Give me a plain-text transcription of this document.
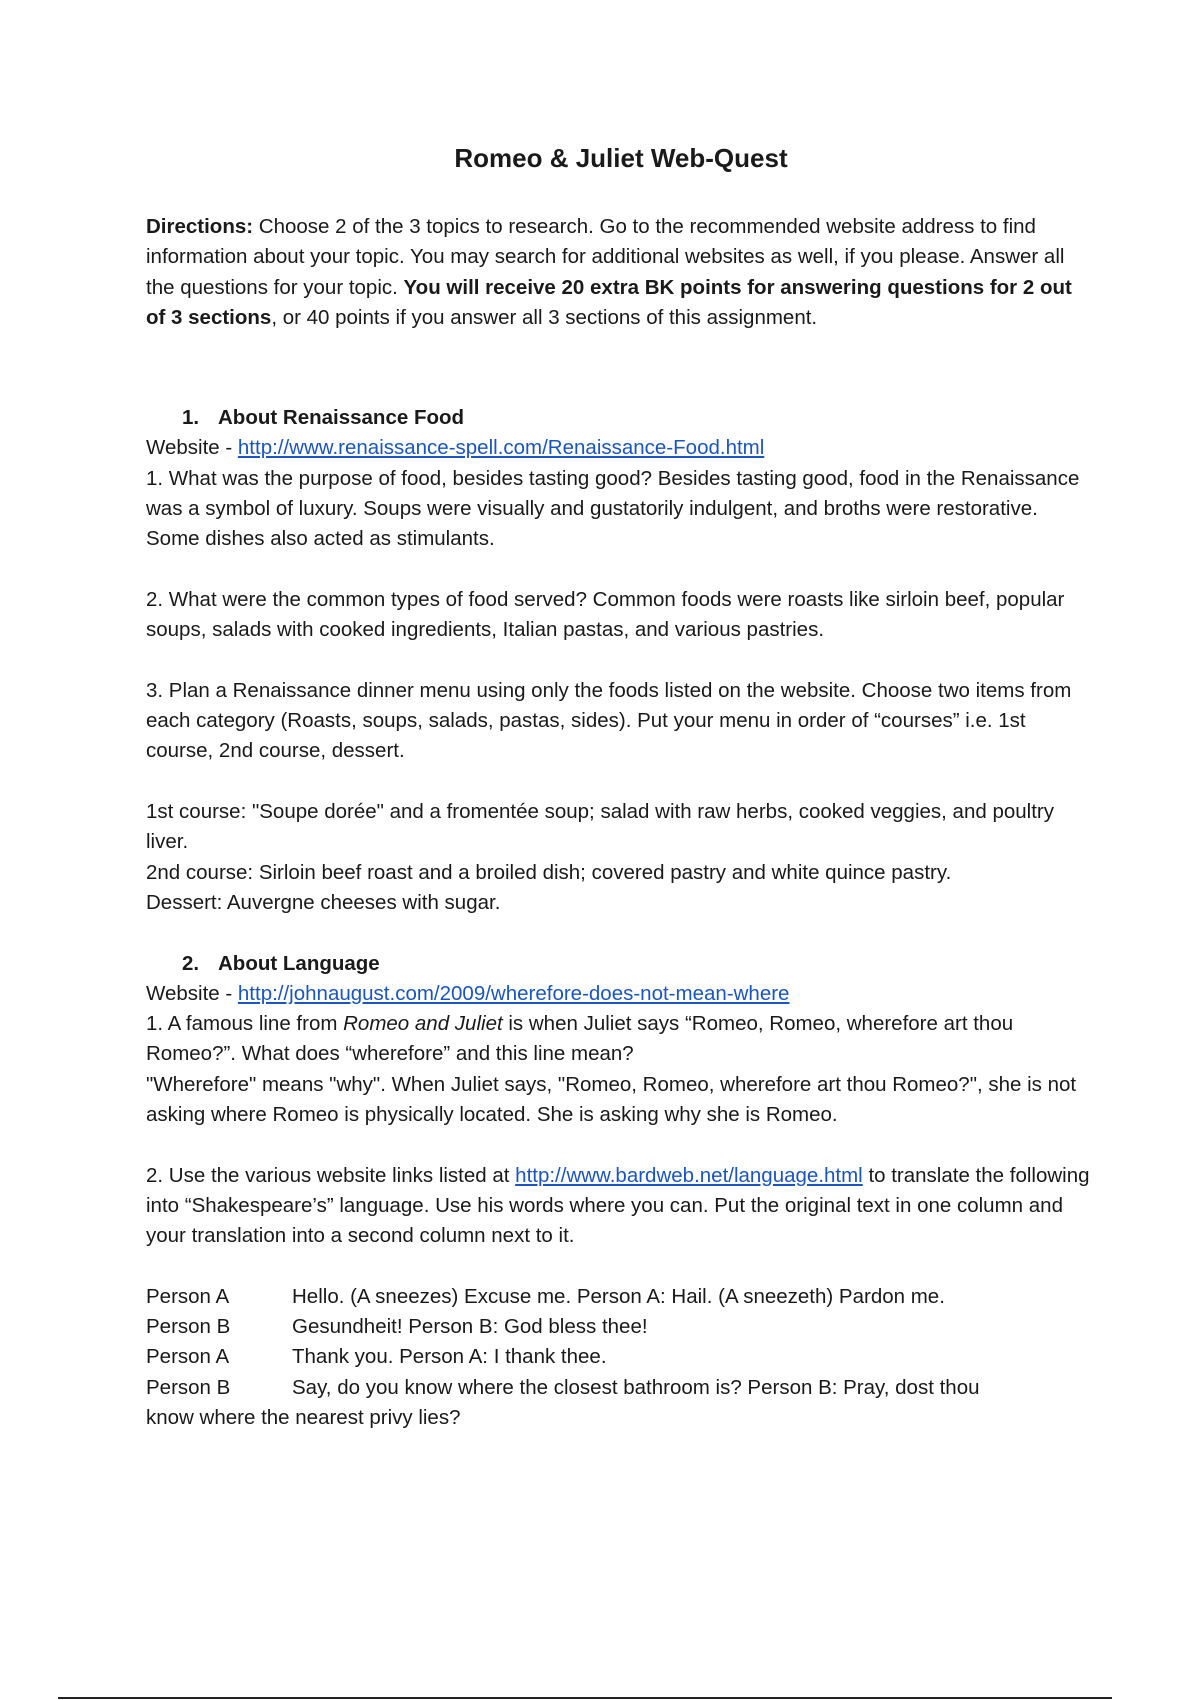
Romeo & Juliet Web-Quest

Directions: Choose 2 of the 3 topics to research. Go to the recommended website address to find information about your topic. You may search for additional websites as well, if you please. Answer all the questions for your topic. You will receive 20 extra BK points for answering questions for 2 out of 3 sections, or 40 points if you answer all 3 sections of this assignment.

1. About Renaissance Food

Website - http://www.renaissance-spell.com/Renaissance-Food.html

1. What was the purpose of food, besides tasting good? Besides tasting good, food in the Renaissance was a symbol of luxury. Soups were visually and gustatorily indulgent, and broths were restorative. Some dishes also acted as stimulants.

2. What were the common types of food served? Common foods were roasts like sirloin beef, popular soups, salads with cooked ingredients, Italian pastas, and various pastries.

3. Plan a Renaissance dinner menu using only the foods listed on the website. Choose two items from each category (Roasts, soups, salads, pastas, sides). Put your menu in order of “courses” i.e. 1st course, 2nd course, dessert.

1st course: "Soupe dorée" and a fromentée soup; salad with raw herbs, cooked veggies, and poultry liver.

2nd course: Sirloin beef roast and a broiled dish; covered pastry and white quince pastry.

Dessert: Auvergne cheeses with sugar.

2. About Language

Website - http://johnaugust.com/2009/wherefore-does-not-mean-where

1. A famous line from Romeo and Juliet is when Juliet says “Romeo, Romeo, wherefore art thou Romeo?”. What does “wherefore” and this line mean?

"Wherefore" means "why". When Juliet says, "Romeo, Romeo, wherefore art thou Romeo?", she is not asking where Romeo is physically located. She is asking why she is Romeo.

2. Use the various website links listed at http://www.bardweb.net/language.html to translate the following into “Shakespeare’s” language. Use his words where you can. Put the original text in one column and your translation into a second column next to it.

Person A	Hello. (A sneezes) Excuse me. Person A: Hail. (A sneezeth) Pardon me.
Person B	Gesundheit! Person B: God bless thee!
Person A	Thank you. Person A: I thank thee.
Person B	Say, do you know where the closest bathroom is? Person B: Pray, dost thou

know where the nearest privy lies?
